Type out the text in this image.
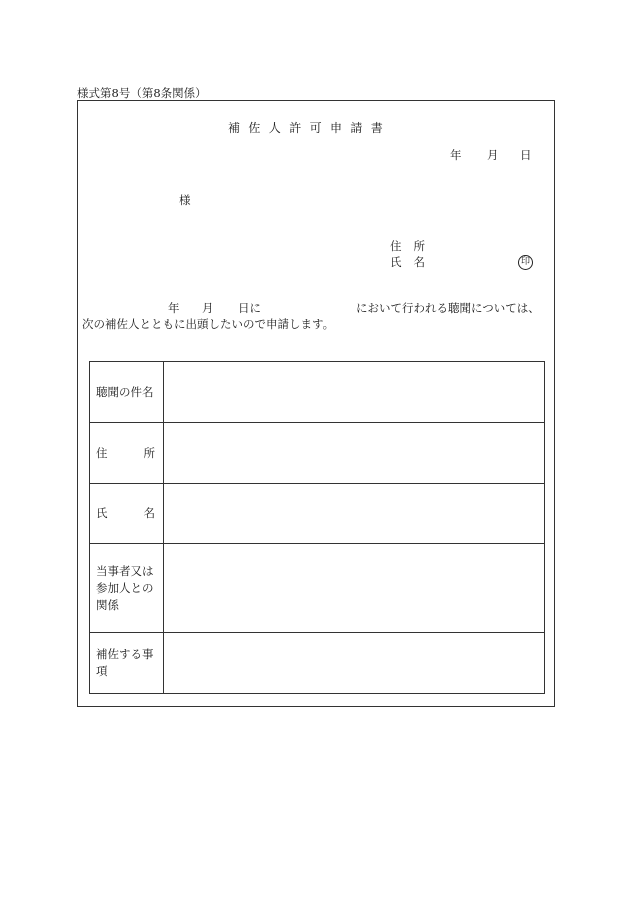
様式第8号（第8条関係）
補佐人許可申請書
年 月 日
様
住所
氏名	印
年 月 日に	において行われる聴聞については、
次の補佐人とともに出頭したいので申請します。
聴聞の件名	

住 所	

氏 名	

当事者又は
参加人との
関係	

補佐する事
項	
